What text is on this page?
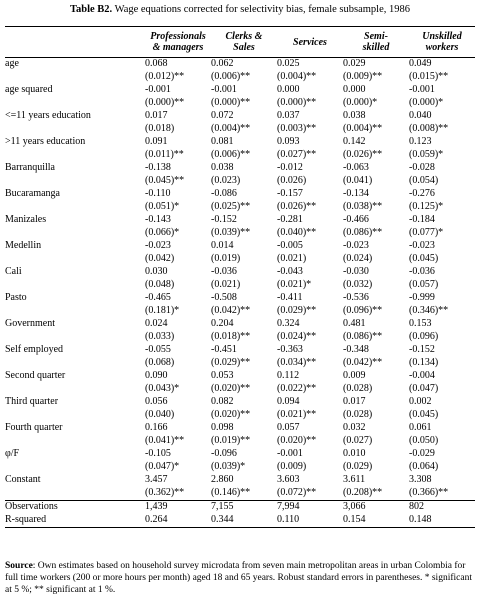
Table B2. Wage equations corrected for selectivity bias, female subsample, 1986
	Professionals
& managers	Clerks &
Sales	Services	Semi-
skilled	Unskilled
workers
age	0.068	0.062	0.025	0.029	0.049
	(0.012)**	(0.006)**	(0.004)**	(0.009)**	(0.015)**
age squared	-0.001	-0.001	0.000	0.000	-0.001
	(0.000)**	(0.000)**	(0.000)**	(0.000)*	(0.000)*
<=11 years education	0.017	0.072	0.037	0.038	0.040
	(0.018)	(0.004)**	(0.003)**	(0.004)**	(0.008)**
>11 years education	0.091	0.081	0.093	0.142	0.123
	(0.011)**	(0.006)**	(0.027)**	(0.026)**	(0.059)*
Barranquilla	-0.138	0.038	-0.012	-0.063	-0.028
	(0.045)**	(0.023)	(0.026)	(0.041)	(0.054)
Bucaramanga	-0.110	-0.086	-0.157	-0.134	-0.276
	(0.051)*	(0.025)**	(0.026)**	(0.038)**	(0.125)*
Manizales	-0.143	-0.152	-0.281	-0.466	-0.184
	(0.066)*	(0.039)**	(0.040)**	(0.086)**	(0.077)*
Medellin	-0.023	0.014	-0.005	-0.023	-0.023
	(0.042)	(0.019)	(0.021)	(0.024)	(0.045)
Cali	0.030	-0.036	-0.043	-0.030	-0.036
	(0.048)	(0.021)	(0.021)*	(0.032)	(0.057)
Pasto	-0.465	-0.508	-0.411	-0.536	-0.999
	(0.181)*	(0.042)**	(0.029)**	(0.096)**	(0.346)**
Government	0.024	0.204	0.324	0.481	0.153
	(0.033)	(0.018)**	(0.024)**	(0.086)**	(0.096)
Self employed	-0.055	-0.451	-0.363	-0.348	-0.152
	(0.068)	(0.029)**	(0.034)**	(0.042)**	(0.134)
Second quarter	0.090	0.053	0.112	0.009	-0.004
	(0.043)*	(0.020)**	(0.022)**	(0.028)	(0.047)
Third quarter	0.056	0.082	0.094	0.017	0.002
	(0.040)	(0.020)**	(0.021)**	(0.028)	(0.045)
Fourth quarter	0.166	0.098	0.057	0.032	0.061
	(0.041)**	(0.019)**	(0.020)**	(0.027)	(0.050)
φ/F	-0.105	-0.096	-0.001	0.010	-0.029
	(0.047)*	(0.039)*	(0.009)	(0.029)	(0.064)
Constant	3.457	2.860	3.603	3.611	3.308
	(0.362)**	(0.146)**	(0.072)**	(0.208)**	(0.366)**
Observations	1,439	7,155	7,994	3,066	802
R-squared	0.264	0.344	0.110	0.154	0.148
Source: Own estimates based on household survey microdata from seven main metropolitan areas in urban Colombia for full time workers (200 or more hours per month) aged 18 and 65 years. Robust standard errors in parentheses. * significant at 5 %; ** significant at 1 %.
